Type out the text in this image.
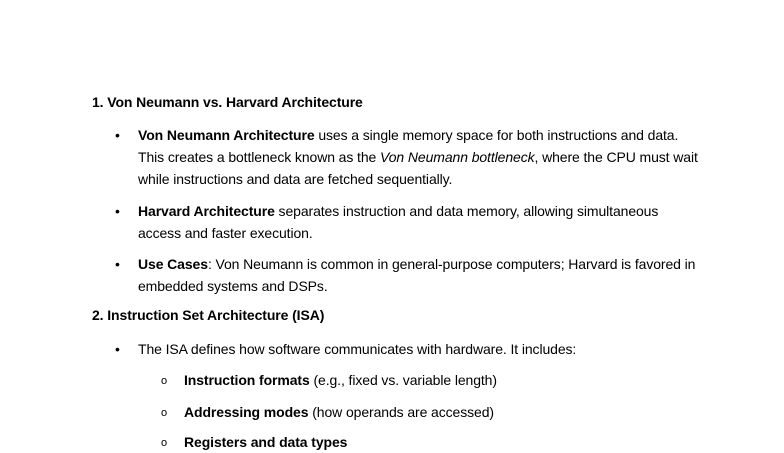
1. Von Neumann vs. Harvard Architecture
• Von Neumann Architecture uses a single memory space for both instructions and data. This creates a bottleneck known as the Von Neumann bottleneck, where the CPU must wait while instructions and data are fetched sequentially.
• Harvard Architecture separates instruction and data memory, allowing simultaneous access and faster execution.
• Use Cases: Von Neumann is common in general-purpose computers; Harvard is favored in embedded systems and DSPs.
2. Instruction Set Architecture (ISA)
• The ISA defines how software communicates with hardware. It includes:
o Instruction formats (e.g., fixed vs. variable length)
o Addressing modes (how operands are accessed)
o Registers and data types
